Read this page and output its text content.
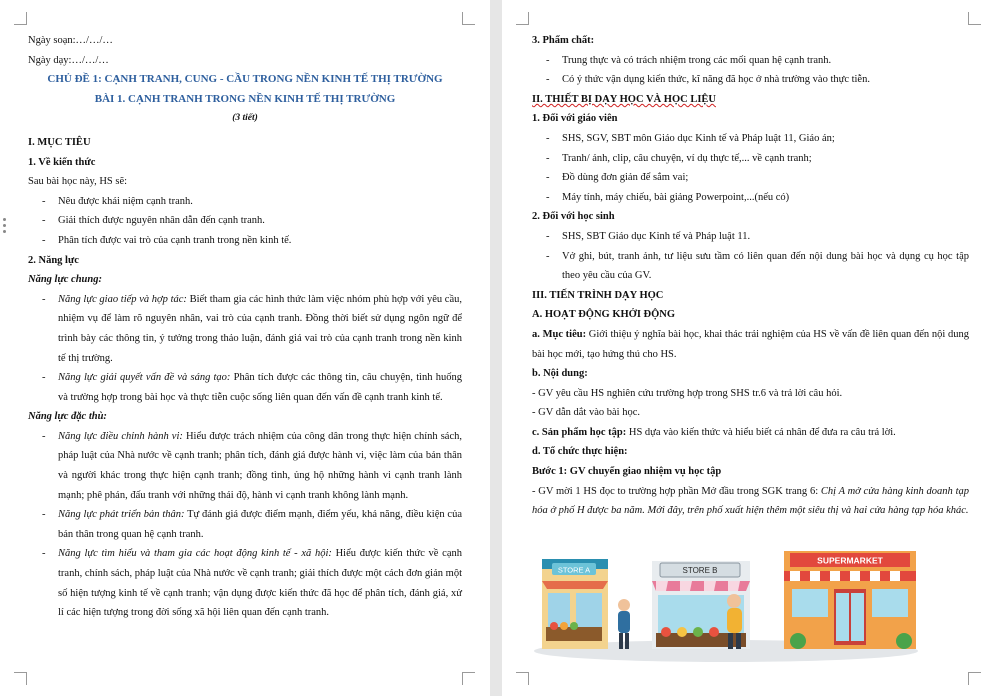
Ngày soạn:…/…/…
Ngày dạy:…/…/…
CHỦ ĐỀ 1: CẠNH TRANH, CUNG - CẦU TRONG NỀN KINH TẾ THỊ TRƯỜNG
BÀI 1. CẠNH TRANH TRONG NỀN KINH TẾ THỊ TRƯỜNG
(3 tiết)
I. MỤC TIÊU
1. Về kiến thức
Sau bài học này, HS sẽ:
- Nêu được khái niệm cạnh tranh.
- Giải thích được nguyên nhân dẫn đến cạnh tranh.
- Phân tích được vai trò của cạnh tranh trong nền kinh tế.
2. Năng lực
Năng lực chung:
- Năng lực giao tiếp và hợp tác: Biết tham gia các hình thức làm việc nhóm phù hợp với yêu cầu, nhiệm vụ để làm rõ nguyên nhân, vai trò của cạnh tranh. Đồng thời biết sử dụng ngôn ngữ để trình bày các thông tin, ý tưởng trong thảo luận, đánh giá vai trò của cạnh tranh trong nền kinh tế thị trường.
- Năng lực giải quyết vấn đề và sáng tạo: Phân tích được các thông tin, câu chuyện, tình huống và trường hợp trong bài học và thực tiễn cuộc sống liên quan đến vấn đề cạnh tranh kinh tế.
Năng lực đặc thù:
- Năng lực điều chỉnh hành vi: Hiểu được trách nhiệm của công dân trong thực hiện chính sách, pháp luật của Nhà nước về cạnh tranh; phân tích, đánh giá được hành vi, việc làm của bản thân và người khác trong thực hiện cạnh tranh; đồng tình, ủng hộ những hành vi cạnh tranh lành mạnh; phê phán, đấu tranh với những thái độ, hành vi cạnh tranh không lành mạnh.
- Năng lực phát triển bản thân: Tự đánh giá được điểm mạnh, điểm yếu, khả năng, điều kiện của bản thân trong quan hệ cạnh tranh.
- Năng lực tìm hiểu và tham gia các hoạt động kinh tế - xã hội: Hiểu được kiến thức về cạnh tranh, chính sách, pháp luật của Nhà nước về cạnh tranh; giải thích được một cách đơn giản một số hiện tượng kinh tế về cạnh tranh; vận dụng được kiến thức đã học để phân tích, đánh giá, xử lí các hiện tượng trong đời sống xã hội liên quan đến cạnh tranh.
3. Phẩm chất:
- Trung thực và có trách nhiệm trong các mối quan hệ cạnh tranh.
- Có ý thức vận dụng kiến thức, kĩ năng đã học ở nhà trường vào thực tiễn.
II. THIẾT BỊ DẠY HỌC VÀ HỌC LIỆU
1. Đối với giáo viên
- SHS, SGV, SBT môn Giáo dục Kinh tế và Pháp luật 11, Giáo án;
- Tranh/ ảnh, clip, câu chuyện, ví dụ thực tế,... về cạnh tranh;
- Đồ dùng đơn giản để sắm vai;
- Máy tính, máy chiếu, bài giảng Powerpoint,...(nếu có)
2. Đối với học sinh
- SHS, SBT Giáo dục Kinh tế và Pháp luật 11.
- Vở ghi, bút, tranh ảnh, tư liệu sưu tầm có liên quan đến nội dung bài học và dụng cụ học tập theo yêu cầu của GV.
III. TIẾN TRÌNH DẠY HỌC
A. HOẠT ĐỘNG KHỞI ĐỘNG

a. Mục tiêu: Giới thiệu ý nghĩa bài học, khai thác trải nghiệm của HS về vấn đề liên quan đến nội dung bài học mới, tạo hứng thú cho HS.

b. Nội dung:
- GV yêu cầu HS nghiên cứu trường hợp trong SHS tr.6 và trả lời câu hỏi.
- GV dẫn dắt vào bài học.
c. Sản phẩm học tập: HS dựa vào kiến thức và hiểu biết cá nhân để đưa ra câu trả lời.
d. Tổ chức thực hiện:
Bước 1: GV chuyển giao nhiệm vụ học tập

- GV mời 1 HS đọc to trường hợp phần Mở đầu trong SGK trang 6: Chị A mở cửa hàng kinh doanh tạp hóa ở phố H được ba năm. Mới đây, trên phố xuất hiện thêm một siêu thị và hai cửa hàng tạp hóa khác.

STORE A	STORE B
SUPERMARKET
